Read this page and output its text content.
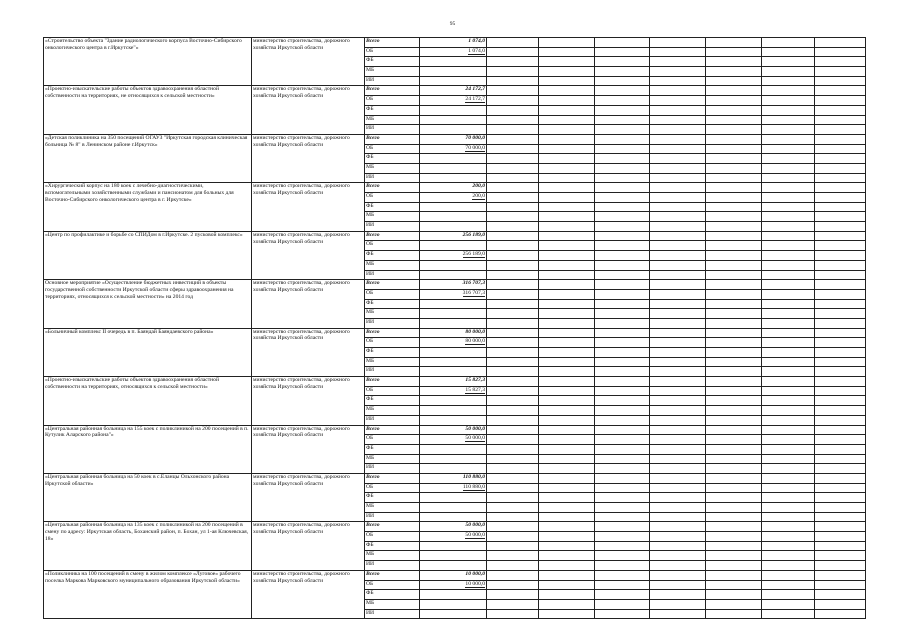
95
«Строительство объекта "Здание радиологического корпуса Восточно-Сибирского онкологического центра в г.Иркутске"»	министерство строительства, дорожного хозяйства Иркутской области	Всего	1 074,0							
		ОБ	1 074,0							
		ФБ								
		МБ								
		ИИ								
«Проектно-изыскательские работы объектов здравоохранения областной собственности на территориях, не относящихся к сельской местности»	министерство строительства, дорожного хозяйства Иркутской области	Всего	24 172,7							
		ОБ	24 172,7							
		ФБ								
		МБ								
		ИИ								
«Детская поликлиника на 350 посещений ОГАУЗ "Иркутская городская клиническая больница № 8" в Ленинском районе г.Иркутск»	министерство строительства, дорожного хозяйства Иркутской области	Всего	70 000,0							
		ОБ	70 000,0							
		ФБ								
		МБ								
		ИИ								
«Хирургический корпус на 180 коек с лечебно-диагностическими, вспомогательными хозяйственными службами и пансионатом для больных для Восточно-Сибирского онкологического центра в г. Иркутске»	министерство строительства, дорожного хозяйства Иркутской области	Всего	200,0							
		ОБ	200,0							
		ФБ								
		МБ								
		ИИ								
«Центр по профилактике и борьбе со СПИДом в г.Иркутске. 2 пусковой комплекс»	министерство строительства, дорожного хозяйства Иркутской области	Всего	256 189,0							
		ОБ								
		ФБ	256 189,0							
		МБ								
		ИИ								
Основное мероприятие «Осуществление бюджетных инвестиций в объекты государственной собственности Иркутской области сферы здравоохранения на территориях, относящихся к сельской местности» на 2014 год	министерство строительства, дорожного хозяйства Иркутской области	Всего	316 707,3							
		ОБ	316 707,3							
		ФБ								
		МБ								
		ИИ								
«Больничный комплекс II очередь в п. Баяндай Баяндаевского района»	министерство строительства, дорожного хозяйства Иркутской области	Всего	80 000,0							
		ОБ	80 000,0							
		ФБ								
		МБ								
		ИИ								
«Проектно-изыскательские работы объектов здравоохранения областной собственности на территориях, относящихся к сельской местности»	министерство строительства, дорожного хозяйства Иркутской области	Всего	15 827,3							
		ОБ	15 827,3							
		ФБ								
		МБ								
		ИИ								
«Центральная районная больница на 155 коек с поликлиникой на 200 посещений в п. Кутулик Аларского района"»	министерство строительства, дорожного хозяйства Иркутской области	Всего	50 000,0							
		ОБ	50 000,0							
		ФБ								
		МБ								
		ИИ								
«Центральная районная больница на 50 коек в с.Еланцы Ольхонского района Иркутской области»	министерство строительства, дорожного хозяйства Иркутской области	Всего	110 880,0							
		ОБ	110 880,0							
		ФБ								
		МБ								
		ИИ								
«Центральная районная больница на 135 коек с поликлиникой на 200 посещений в смену по адресу: Иркутская область, Боханский район, п. Бохан, ул 1-ая Ключевская, 18»	министерство строительства, дорожного хозяйства Иркутской области	Всего	50 000,0							
		ОБ	50 000,0							
		ФБ								
		МБ								
		ИИ								
«Поликлиника на 100 посещений в смену в жилом комплексе «Луговое» рабочего поселка Маркова Марковского муниципального образования Иркутской области»	министерство строительства, дорожного хозяйства Иркутской области	Всего	10 000,0							
		ОБ	10 000,0							
		ФБ								
		МБ								
		ИИ								
